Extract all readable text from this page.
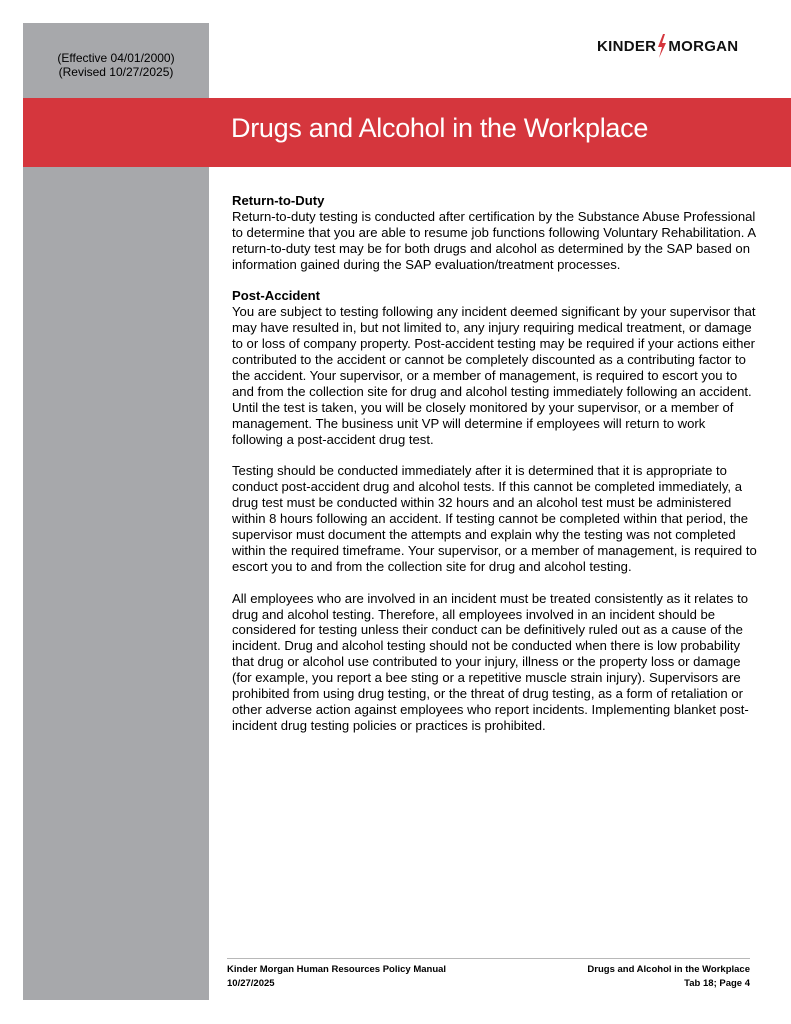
(Effective 04/01/2000)
(Revised 10/27/2025)
KINDER MORGAN
Drugs and Alcohol in the Workplace
Return-to-Duty

Return-to-duty testing is conducted after certification by the Substance Abuse Professional to determine that you are able to resume job functions following Voluntary Rehabilitation. A return-to-duty test may be for both drugs and alcohol as determined by the SAP based on information gained during the SAP evaluation/treatment processes.

Post-Accident

You are subject to testing following any incident deemed significant by your supervisor that may have resulted in, but not limited to, any injury requiring medical treatment, or damage to or loss of company property. Post-accident testing may be required if your actions either contributed to the accident or cannot be completely discounted as a contributing factor to the accident. Your supervisor, or a member of management, is required to escort you to and from the collection site for drug and alcohol testing immediately following an accident. Until the test is taken, you will be closely monitored by your supervisor, or a member of management. The business unit VP will determine if employees will return to work following a post-accident drug test.

Testing should be conducted immediately after it is determined that it is appropriate to conduct post-accident drug and alcohol tests. If this cannot be completed immediately, a drug test must be conducted within 32 hours and an alcohol test must be administered within 8 hours following an accident. If testing cannot be completed within that period, the supervisor must document the attempts and explain why the testing was not completed within the required timeframe. Your supervisor, or a member of management, is required to escort you to and from the collection site for drug and alcohol testing.

All employees who are involved in an incident must be treated consistently as it relates to drug and alcohol testing. Therefore, all employees involved in an incident should be considered for testing unless their conduct can be definitively ruled out as a cause of the incident. Drug and alcohol testing should not be conducted when there is low probability that drug or alcohol use contributed to your injury, illness or the property loss or damage (for example, you report a bee sting or a repetitive muscle strain injury). Supervisors are prohibited from using drug testing, or the threat of drug testing, as a form of retaliation or other adverse action against employees who report incidents. Implementing blanket post-incident drug testing policies or practices is prohibited.

Kinder Morgan Human Resources Policy Manual	Drugs and Alcohol in the Workplace
10/27/2025	Tab 18; Page 4
